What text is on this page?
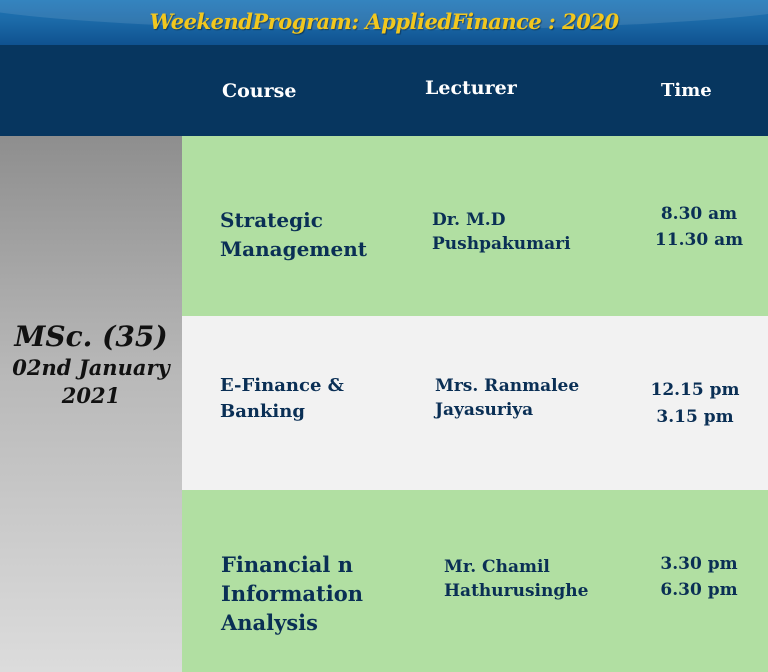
WeekendProgram: AppliedFinance : 2020
Course	Lecturer	Time
MSc. (35)
02nd January
2021
Strategic
Management
Dr. M.D
Pushpakumari
8.30 am
11.30 am
E-Finance &
Banking
Mrs. Ranmalee
Jayasuriya
12.15 pm
3.15 pm
Financial n
Information
Analysis
Mr. Chamil
Hathurusinghe
3.30 pm
6.30 pm
